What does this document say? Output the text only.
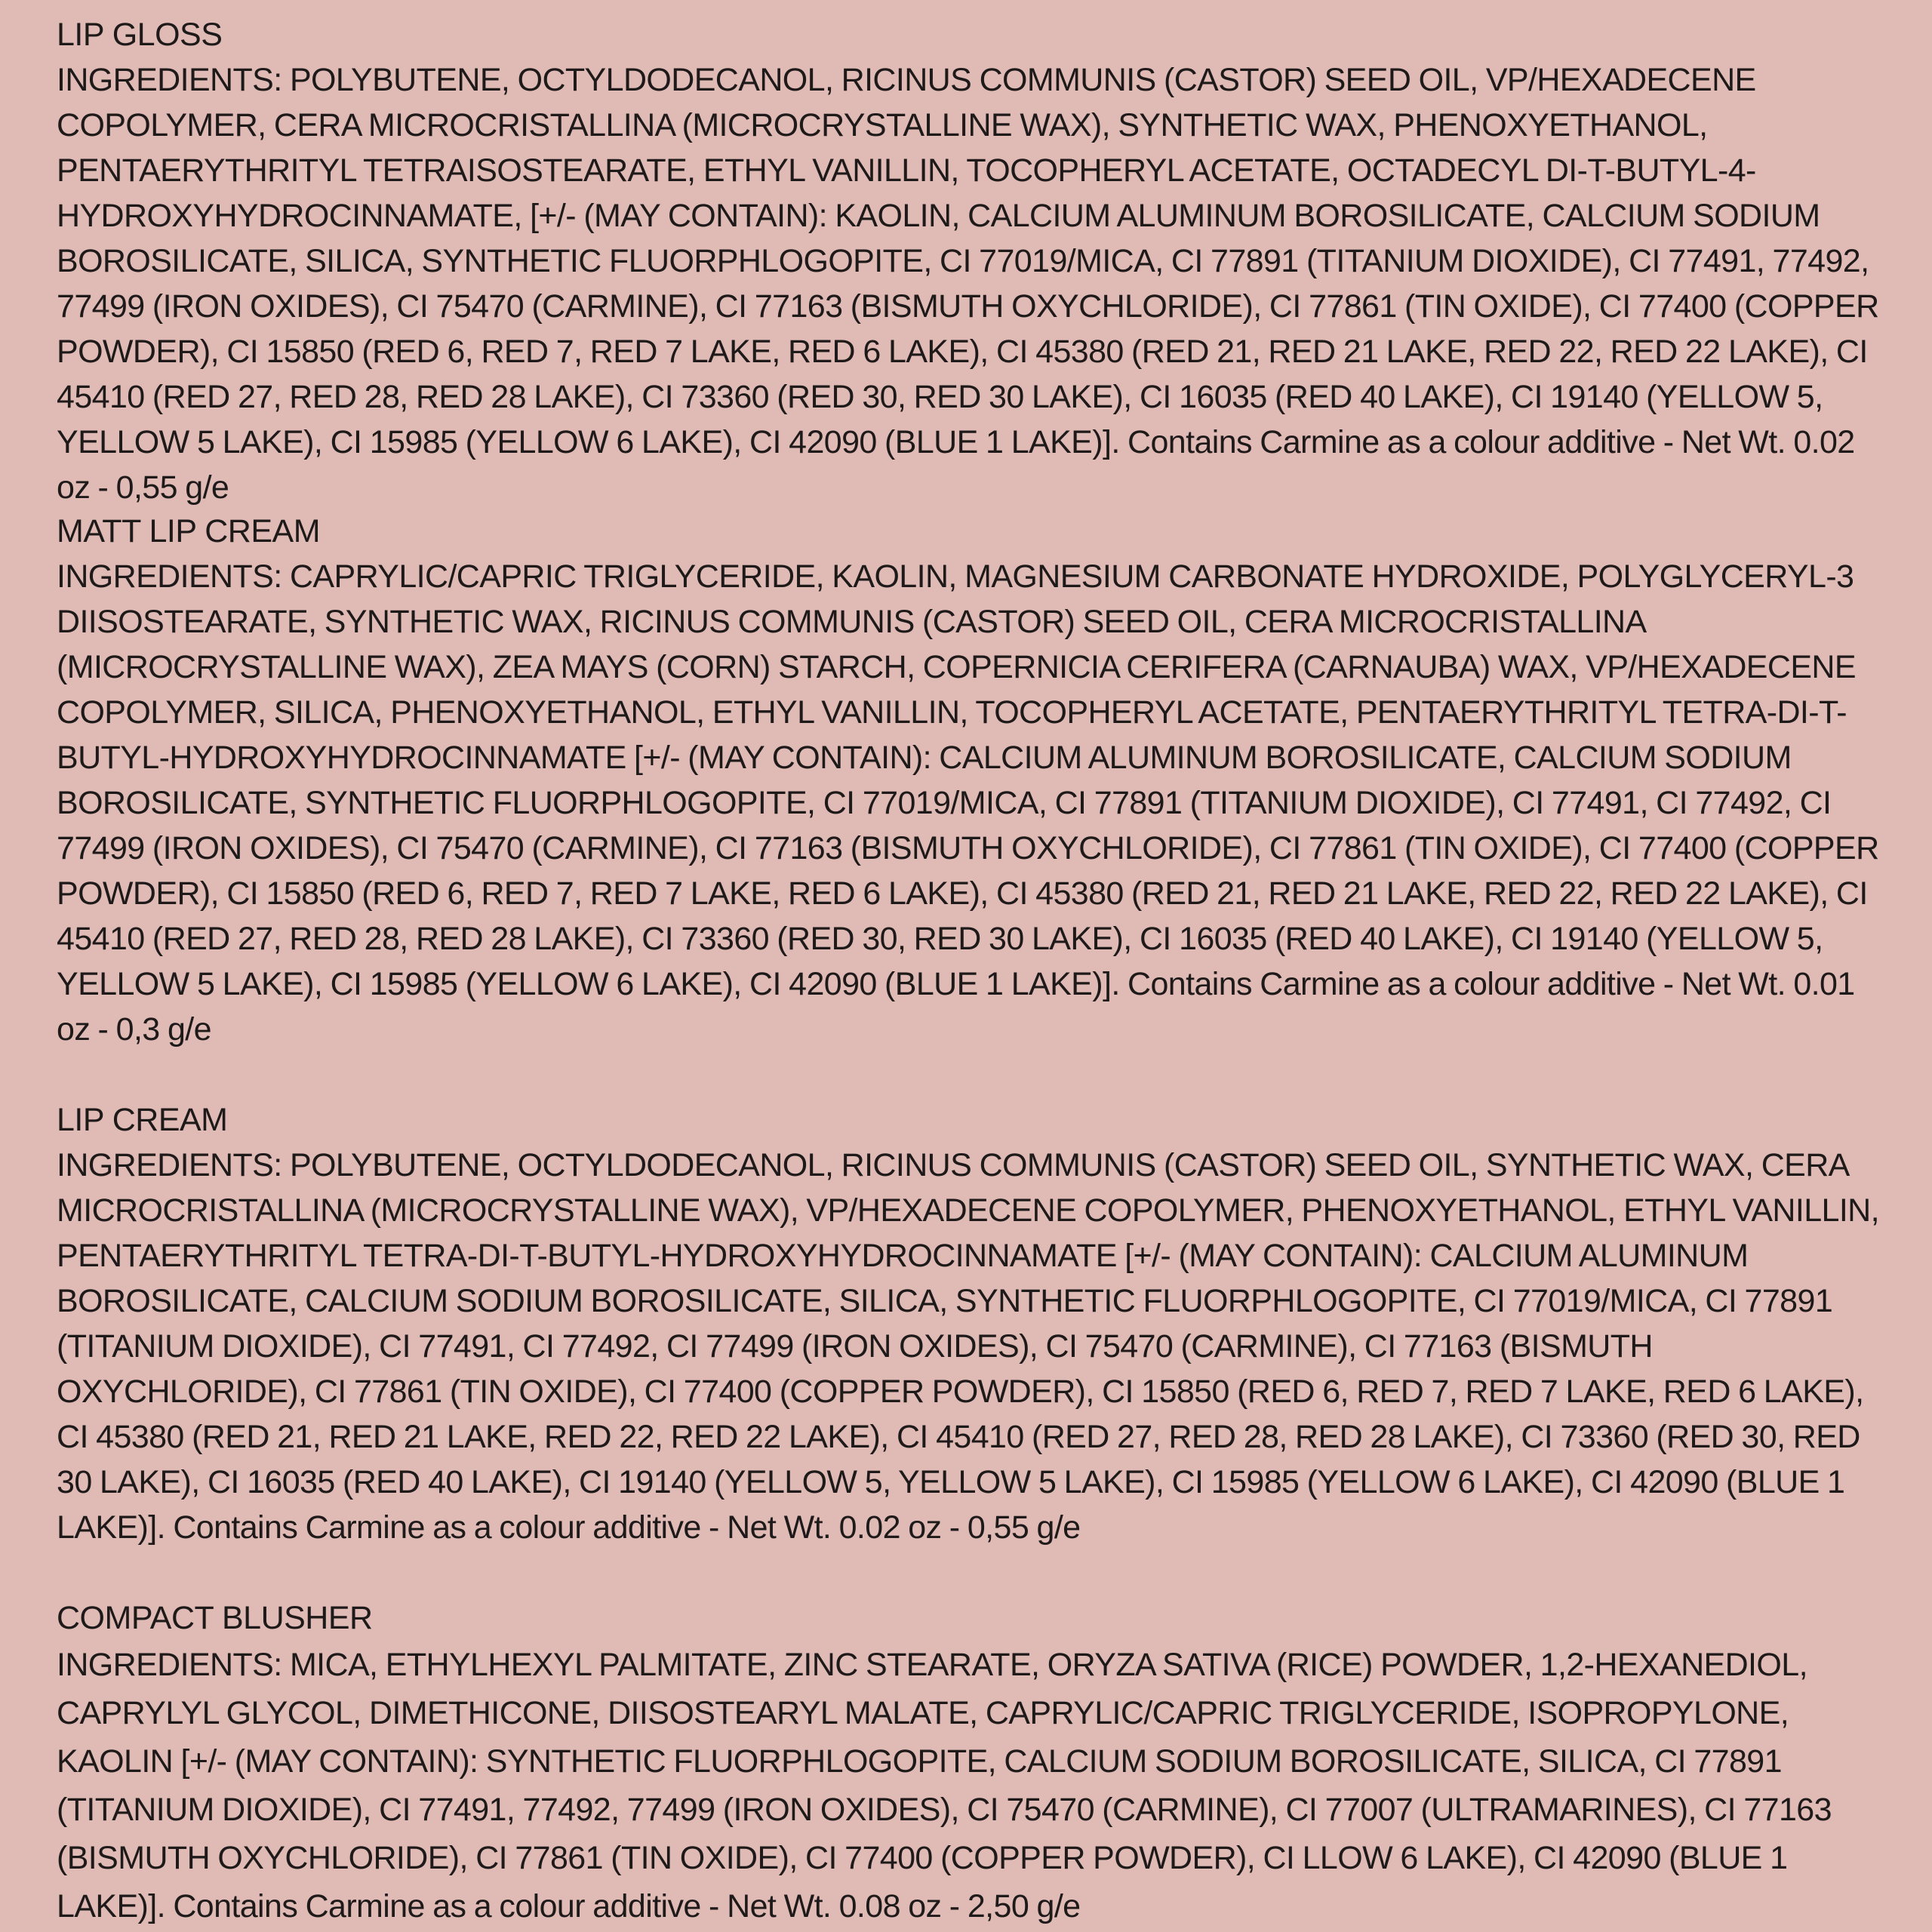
LIP GLOSS

INGREDIENTS: POLYBUTENE, OCTYLDODECANOL, RICINUS COMMUNIS (CASTOR) SEED OIL, VP/HEXADECENE COPOLYMER, CERA MICROCRISTALLINA (MICROCRYSTALLINE WAX), SYNTHETIC WAX, PHENOXYETHANOL, PENTAERYTHRITYL TETRAISOSTEARATE, ETHYL VANILLIN, TOCOPHERYL ACETATE, OCTADECYL DI-T-BUTYL-4-HYDROXYHYDROCINNAMATE, [+/- (MAY CONTAIN): KAOLIN, CALCIUM ALUMINUM BOROSILICATE, CALCIUM SODIUM BOROSILICATE, SILICA, SYNTHETIC FLUORPHLOGOPITE, CI 77019/MICA, CI 77891 (TITANIUM DIOXIDE), CI 77491, 77492, 77499 (IRON OXIDES), CI 75470 (CARMINE), CI 77163 (BISMUTH OXYCHLORIDE), CI 77861 (TIN OXIDE), CI 77400 (COPPER POWDER), CI 15850 (RED 6, RED 7, RED 7 LAKE, RED 6 LAKE), CI 45380 (RED 21, RED 21 LAKE, RED 22, RED 22 LAKE), CI 45410 (RED 27, RED 28, RED 28 LAKE), CI 73360 (RED 30, RED 30 LAKE), CI 16035 (RED 40 LAKE), CI 19140 (YELLOW 5, YELLOW 5 LAKE), CI 15985 (YELLOW 6 LAKE), CI 42090 (BLUE 1 LAKE)]. Contains Carmine as a colour additive - Net Wt. 0.02 oz - 0,55 g/e

MATT LIP CREAM

INGREDIENTS: CAPRYLIC/CAPRIC TRIGLYCERIDE, KAOLIN, MAGNESIUM CARBONATE HYDROXIDE, POLYGLYCERYL-3 DIISOSTEARATE, SYNTHETIC WAX, RICINUS COMMUNIS (CASTOR) SEED OIL, CERA MICROCRISTALLINA (MICROCRYSTALLINE WAX), ZEA MAYS (CORN) STARCH, COPERNICIA CERIFERA (CARNAUBA) WAX, VP/HEXADECENE COPOLYMER, SILICA, PHENOXYETHANOL, ETHYL VANILLIN, TOCOPHERYL ACETATE, PENTAERYTHRITYL TETRA-DI-T-BUTYL-HYDROXYHYDROCINNAMATE [+/- (MAY CONTAIN): CALCIUM ALUMINUM BOROSILICATE, CALCIUM SODIUM BOROSILICATE, SYNTHETIC FLUORPHLOGOPITE, CI 77019/MICA, CI 77891 (TITANIUM DIOXIDE), CI 77491, CI 77492, CI 77499 (IRON OXIDES), CI 75470 (CARMINE), CI 77163 (BISMUTH OXYCHLORIDE), CI 77861 (TIN OXIDE), CI 77400 (COPPER POWDER), CI 15850 (RED 6, RED 7, RED 7 LAKE, RED 6 LAKE), CI 45380 (RED 21, RED 21 LAKE, RED 22, RED 22 LAKE), CI 45410 (RED 27, RED 28, RED 28 LAKE), CI 73360 (RED 30, RED 30 LAKE), CI 16035 (RED 40 LAKE), CI 19140 (YELLOW 5, YELLOW 5 LAKE), CI 15985 (YELLOW 6 LAKE), CI 42090 (BLUE 1 LAKE)]. Contains Carmine as a colour additive - Net Wt. 0.01 oz - 0,3 g/e

LIP CREAM

INGREDIENTS: POLYBUTENE, OCTYLDODECANOL, RICINUS COMMUNIS (CASTOR) SEED OIL, SYNTHETIC WAX, CERA MICROCRISTALLINA (MICROCRYSTALLINE WAX), VP/HEXADECENE COPOLYMER, PHENOXYETHANOL, ETHYL VANILLIN, PENTAERYTHRITYL TETRA-DI-T-BUTYL-HYDROXYHYDROCINNAMATE [+/- (MAY CONTAIN): CALCIUM ALUMINUM BOROSILICATE, CALCIUM SODIUM BOROSILICATE, SILICA, SYNTHETIC FLUORPHLOGOPITE, CI 77019/MICA, CI 77891 (TITANIUM DIOXIDE), CI 77491, CI 77492, CI 77499 (IRON OXIDES), CI 75470 (CARMINE), CI 77163 (BISMUTH OXYCHLORIDE), CI 77861 (TIN OXIDE), CI 77400 (COPPER POWDER), CI 15850 (RED 6, RED 7, RED 7 LAKE, RED 6 LAKE), CI 45380 (RED 21, RED 21 LAKE, RED 22, RED 22 LAKE), CI 45410 (RED 27, RED 28, RED 28 LAKE), CI 73360 (RED 30, RED 30 LAKE), CI 16035 (RED 40 LAKE), CI 19140 (YELLOW 5, YELLOW 5 LAKE), CI 15985 (YELLOW 6 LAKE), CI 42090 (BLUE 1 LAKE)]. Contains Carmine as a colour additive - Net Wt. 0.02 oz - 0,55 g/e

COMPACT BLUSHER

INGREDIENTS: MICA, ETHYLHEXYL PALMITATE, ZINC STEARATE, ORYZA SATIVA (RICE) POWDER, 1,2-HEXANEDIOL, CAPRYLYL GLYCOL, DIMETHICONE, DIISOSTEARYL MALATE, CAPRYLIC/CAPRIC TRIGLYCERIDE, ISOPROPYLONE, KAOLIN [+/- (MAY CONTAIN): SYNTHETIC FLUORPHLOGOPITE, CALCIUM SODIUM BOROSILICATE, SILICA, CI 77891 (TITANIUM DIOXIDE), CI 77491, 77492, 77499 (IRON OXIDES), CI 75470 (CARMINE), CI 77007 (ULTRAMARINES), CI 77163 (BISMUTH OXYCHLORIDE), CI 77861 (TIN OXIDE), CI 77400 (COPPER POWDER), CI LLOW 6 LAKE), CI 42090 (BLUE 1 LAKE)]. Contains Carmine as a colour additive - Net Wt. 0.08 oz - 2,50 g/e
